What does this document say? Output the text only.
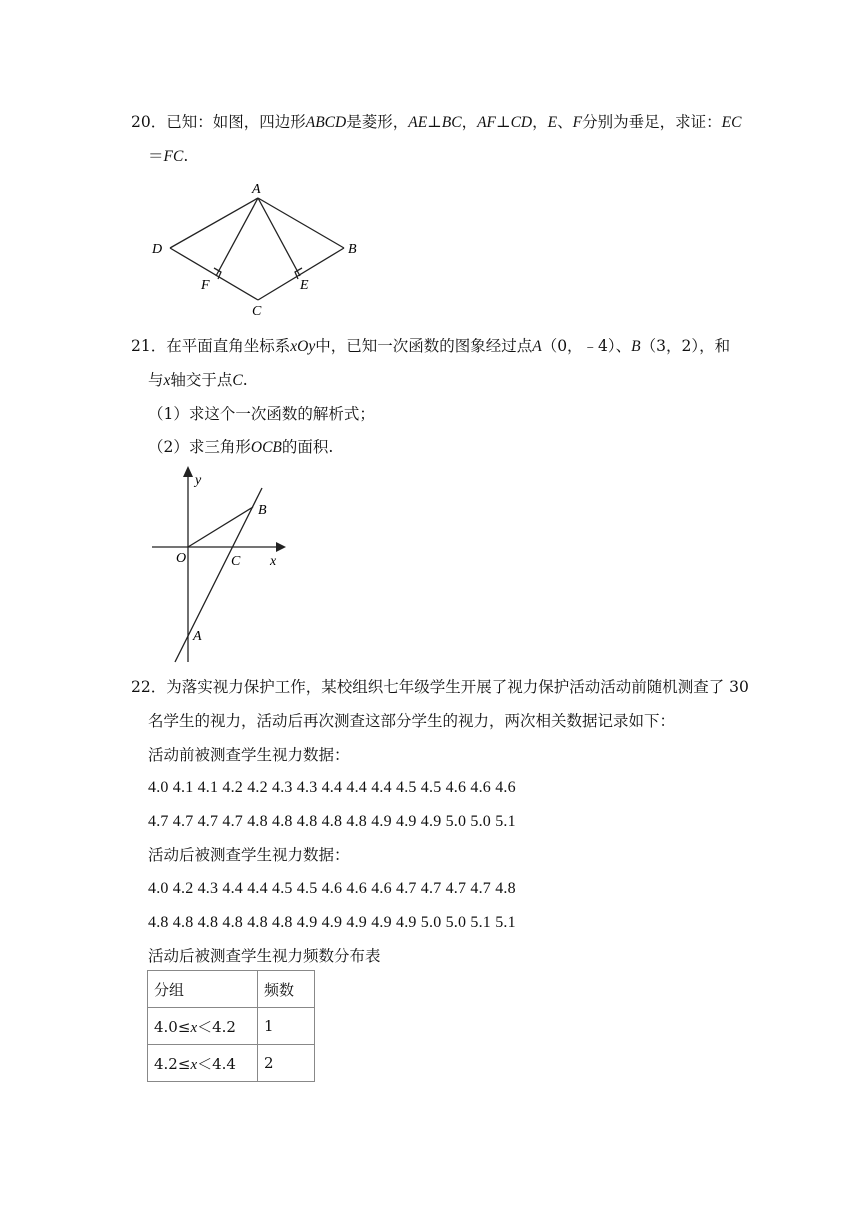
20．已知：如图，四边形ABCD是菱形，AE⊥BC，AF⊥CD，E、F分别为垂足，求证：EC
＝FC.
A
D	B
F	E
C
21．在平面直角坐标系xOy中，已知一次函数的图象经过点A（0，﹣4）、B（3，2），和
与x轴交于点C.
（1）求这个一次函数的解析式；
（2）求三角形OCB的面积.
y
x
O	C
B
A
22．为落实视力保护工作，某校组织七年级学生开展了视力保护活动活动前随机测查了 30
名学生的视力，活动后再次测查这部分学生的视力，两次相关数据记录如下：
活动前被测查学生视力数据：
4.0 4.1 4.1 4.2 4.2 4.3 4.3 4.4 4.4 4.4 4.5 4.5 4.6 4.6 4.6
4.7 4.7 4.7 4.7 4.8 4.8 4.8 4.8 4.8 4.9 4.9 4.9 5.0 5.0 5.1
活动后被测查学生视力数据：
4.0 4.2 4.3 4.4 4.4 4.5 4.5 4.6 4.6 4.6 4.7 4.7 4.7 4.7 4.8
4.8 4.8 4.8 4.8 4.8 4.8 4.9 4.9 4.9 4.9 4.9 5.0 5.0 5.1 5.1
活动后被测查学生视力频数分布表
分组	频数
4.0≤x＜4.2	1
4.2≤x＜4.4	2
